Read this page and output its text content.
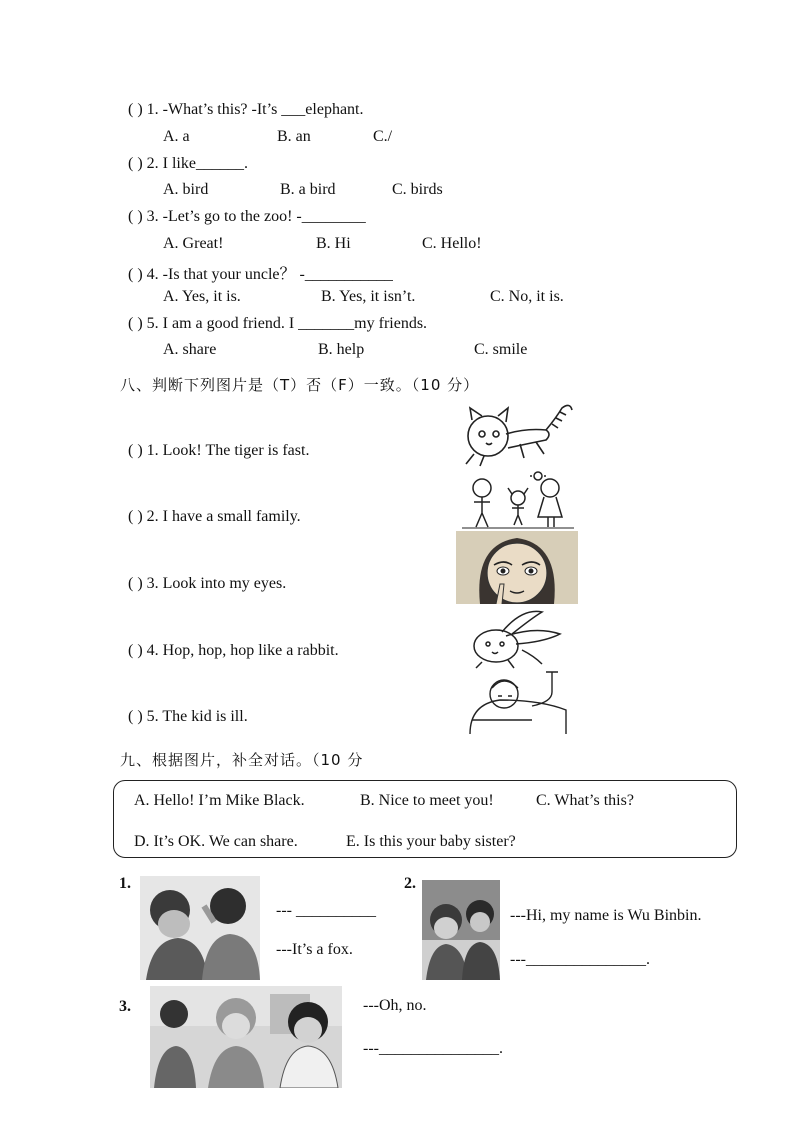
( ) 1. -What’s this? -It’s ___elephant.
A. a	B. an	C./
( ) 2. I like______.
A. bird	B. a bird	C. birds
( ) 3. -Let’s go to the zoo! -________
A. Great!	B. Hi	C. Hello!
( ) 4. -Is that your uncle？ -___________
A. Yes, it is.	B. Yes, it isn’t.	C. No, it is.
( ) 5. I am a good friend. I _______my friends.
A. share	B. help	C. smile
八、判断下列图片是（T）否（F）一致。（10 分）
( ) 1. Look! The tiger is fast.
( ) 2. I have a small family.
( ) 3. Look into my eyes.
( ) 4. Hop, hop, hop like a rabbit.
( ) 5. The kid is ill.
九、根据图片，补全对话。（10 分
A. Hello! I’m Mike Black.	B. Nice to meet you!	C. What’s this?
D. It’s OK. We can share.	E. Is this your baby sister?
1.
--- __________
---It’s a fox.
2.
---Hi, my name is Wu Binbin.
---_______________.
3.	---Oh, no.
---_______________.
